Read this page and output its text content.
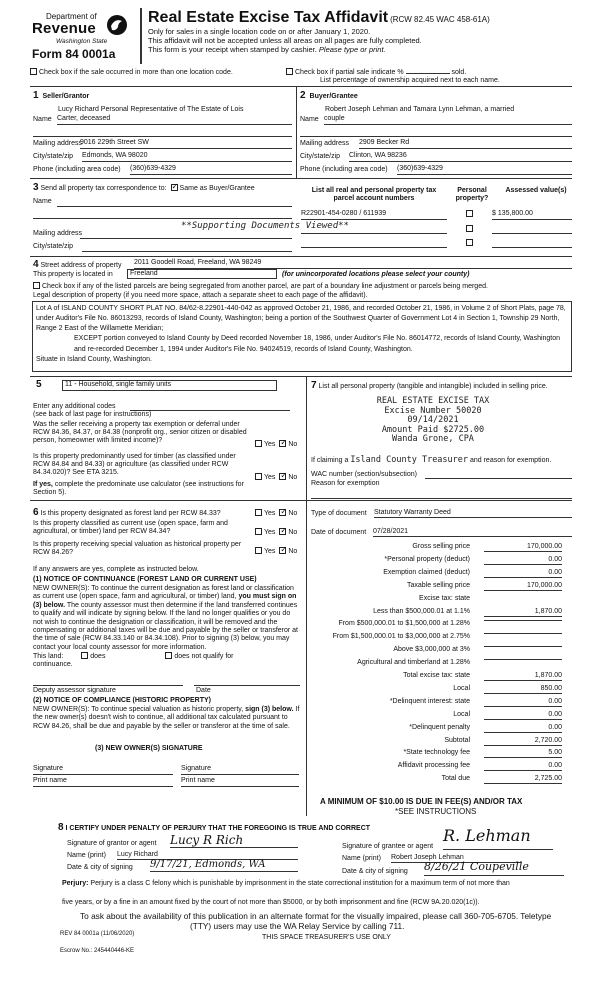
Department of
Revenue
Washington State
Form 84 0001a
Real Estate Excise Tax Affidavit (RCW 82.45 WAC 458-61A)
Only for sales in a single location code on or after January 1, 2020.
This affidavit will not be accepted unless all areas on all pages are fully completed.
This form is your receipt when stamped by cashier. Please type or print.
Check box if the sale occurred in more than one location code.	Check box if partial sale indicate %	sold.
List percentage of ownership acquired next to each name.
1 Seller/Grantor
Lucy Richard Personal Representative of The Estate of Lois
Name Carter, deceased
Mailing address
9016 229th Street SW
City/state/zip Edmonds, WA 98020
Phone (including area code) (360)639-4329
2 Buyer/Grantee
Robert Joseph Lehman and Tamara Lynn Lehman, a married
Name couple
Mailing address 2909 Becker Rd
City/state/zip Clinton, WA 98236
Phone (including area code) (360)639-4329
3 Send all property tax correspondence to: ✓ Same as Buyer/Grantee
Name
**Supporting Documents Viewed**
Mailing address
City/state/zip
List all real and personal property tax parcel account numbers
Personal property?
Assessed value(s)
R22901-454-0280 / 611939	$ 135,800.00
4 Street address of property 2011 Goodell Road, Freeland, WA 98249
This property is located in	Freeland	(for unincorporated locations please select your county)
Check box if any of the listed parcels are being segregated from another parcel, are part of a boundary line adjustment or parcels being merged.
Legal description of property (if you need more space, attach a separate sheet to each page of the affidavit).
Lot A of ISLAND COUNTY SHORT PLAT NO. 84/62-8.22901-440-042 as approved October 21, 1986, and recorded October 21, 1986, in Volume 2 of Short Plats, page 78, under Auditor's File No. 86013293, records of Island County, Washington; being a portion of the Southwest Quarter of Government Lot 4 in Section 1, Township 29 North, Range 2 East of the Willamette Meridian;
EXCEPT portion conveyed to Island County by Deed recorded November 18, 1986, under Auditor's File No. 86014772, records of Island County, Washington and re-recorded December 1, 1994 under Auditor's File No. 94024519, records of Island County, Washington.
Situate in Island County, Washington.
5	11 - Household, single family units
Enter any additional codes
(see back of last page for instructions)
Was the seller receiving a property tax exemption or deferral under RCW 84.36, 84.37, or 84.38 (nonprofit org., senior citizen or disabled person, homeowner with limited income)?
Yes ✓ No
Is this property predominantly used for timber (as classified under RCW 84.84 and 84.33) or agriculture (as classified under RCW 84.34.020)? See ETA 3215.
Yes ✓ No
If yes, complete the predominate use calculator (see instructions for Section 5).
7 List all personal property (tangible and intangible) included in selling price.
REAL ESTATE EXCISE TAX
Excise Number 50020
09/14/2021
Amount Paid $2725.00
Wanda Grone, CPA
If claiming a Island County Treasurer and reason for exemption.
WAC number (section/subsection)
Reason for exemption
6 Is this property designated as forest land per RCW 84.33?	Yes ✓ No
Is this property classified as current use (open space, farm and agricultural, or timber) land per RCW 84.34?	Yes ✓ No
Is this property receiving special valuation as historical property per RCW 84.26?	Yes ✓ No
If any answers are yes, complete as instructed below.
(1) NOTICE OF CONTINUANCE (FOREST LAND OR CURRENT USE)
NEW OWNER(S): To continue the current designation as forest land or classification as current use (open space, farm and agricultural, or timber) land, you must sign on (3) below. The county assessor must then determine if the land transferred continues to qualify and will indicate by signing below. If the land no longer qualifies or you do not wish to continue the designation or classification, it will be removed and the compensating or additional taxes will be due and payable by the seller or transferor at the time of sale (RCW 84.33.140 or 84.34.108). Prior to signing (3) below, you may contact your local county assessor for more information.
This land:	does	does not qualify for
continuance.
Deputy assessor signature	Date
(2) NOTICE OF COMPLIANCE (HISTORIC PROPERTY)
NEW OWNER(S): To continue special valuation as historic property, sign (3) below. If the new owner(s) doesn't wish to continue, all additional tax calculated pursuant to RCW 84.26, shall be due and payable by the seller or transferor at the time of sale.
(3) NEW OWNER(S) SIGNATURE
Signature	Signature
Print name	Print name
Type of document Statutory Warranty Deed
Date of document 07/28/2021
Gross selling price	170,000.00
*Personal property (deduct)	0.00
Exemption claimed (deduct)	0.00
Taxable selling price	170,000.00
Excise tax: state
Less than $500,000.01 at 1.1%	1,870.00
From $500,000.01 to $1,500,000 at 1.28%
From $1,500,000.01 to $3,000,000 at 2.75%
Above $3,000,000 at 3%
Agricultural and timberland at 1.28%
Total excise tax: state	1,870.00
Local	850.00
*Delinquent interest: state	0.00
Local	0.00
*Delinquent penalty	0.00
Subtotal	2,720.00
*State technology fee	5.00
Affidavit processing fee	0.00
Total due	2,725.00
A MINIMUM OF $10.00 IS DUE IN FEE(S) AND/OR TAX
*SEE INSTRUCTIONS
8 I CERTIFY UNDER PENALTY OF PERJURY THAT THE FOREGOING IS TRUE AND CORRECT
Signature of grantor or agent Lucy R Rich
Name (print) Lucy Richard
Date & city of signing 9/17/21, Edmonds, WA
Signature of grantee or agent
R. Lehman
Name (print) Robert Joseph Lehman
Date & city of signing 8/26/21 Coupeville
Perjury: Perjury is a class C felony which is punishable by imprisonment in the state correctional institution for a maximum term of not more than
five years, or by a fine in an amount fixed by the court of not more than $5000, or by both imprisonment and fine (RCW 9A.20.020(1c)).
To ask about the availability of this publication in an alternate format for the visually impaired, please call 360-705-6705. Teletype
(TTY) users may use the WA Relay Service by calling 711.
REV 84 0001a (11/06/2020)	THIS SPACE TREASURER'S USE ONLY
Escrow No.: 245440446-KE
